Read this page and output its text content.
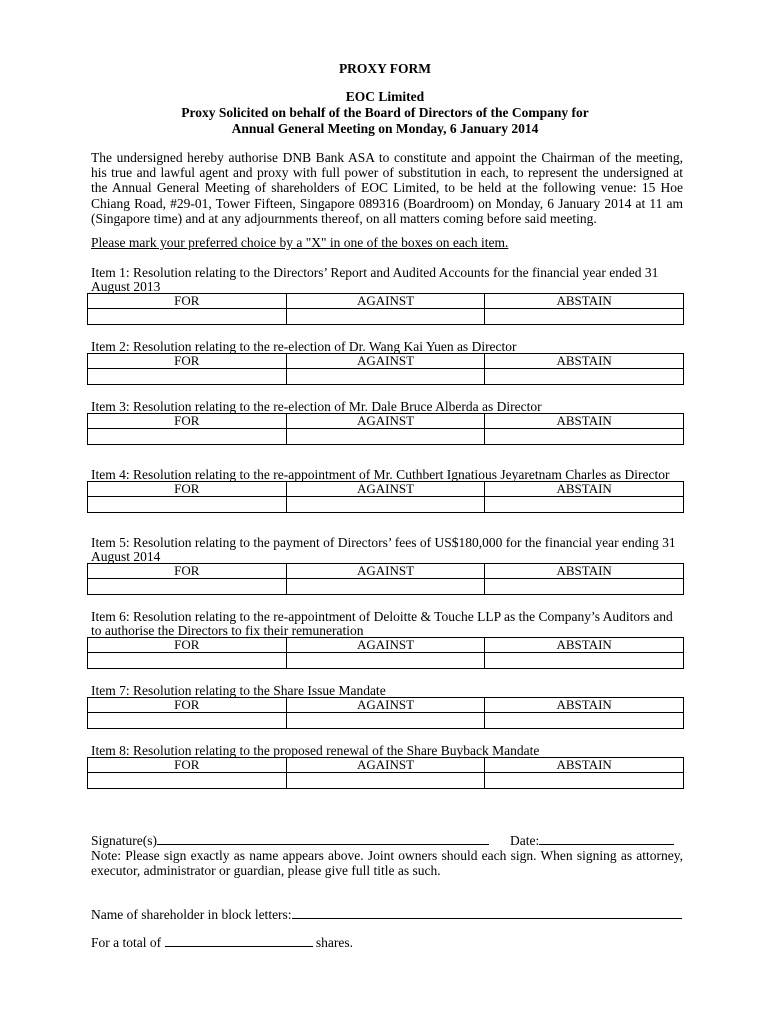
PROXY FORM
EOC Limited
Proxy Solicited on behalf of the Board of Directors of the Company for
Annual General Meeting on Monday, 6 January 2014
The undersigned hereby authorise DNB Bank ASA to constitute and appoint the Chairman of the meeting, his true and lawful agent and proxy with full power of substitution in each, to represent the undersigned at the Annual General Meeting of shareholders of EOC Limited, to be held at the following venue: 15 Hoe Chiang Road, #29-01, Tower Fifteen, Singapore 089316 (Boardroom) on Monday, 6 January 2014 at 11 am (Singapore time) and at any adjournments thereof, on all matters coming before said meeting.
Please mark your preferred choice by a "X" in one of the boxes on each item.
Item 1: Resolution relating to the Directors’ Report and Audited Accounts for the financial year ended 31 August 2013
FOR	AGAINST	ABSTAIN

Item 2: Resolution relating to the re-election of Dr. Wang Kai Yuen as Director
FOR	AGAINST	ABSTAIN

Item 3: Resolution relating to the re-election of Mr. Dale Bruce Alberda as Director
FOR	AGAINST	ABSTAIN

Item 4: Resolution relating to the re-appointment of Mr. Cuthbert Ignatious Jeyaretnam Charles as Director
FOR	AGAINST	ABSTAIN

Item 5: Resolution relating to the payment of Directors’ fees of US$180,000 for the financial year ending 31 August 2014
FOR	AGAINST	ABSTAIN

Item 6: Resolution relating to the re-appointment of Deloitte & Touche LLP as the Company’s Auditors and to authorise the Directors to fix their remuneration
FOR	AGAINST	ABSTAIN

Item 7: Resolution relating to the Share Issue Mandate
FOR	AGAINST	ABSTAIN

Item 8: Resolution relating to the proposed renewal of the Share Buyback Mandate
FOR	AGAINST	ABSTAIN

Signature(s)	Date:
Note: Please sign exactly as name appears above. Joint owners should each sign. When signing as attorney, executor, administrator or guardian, please give full title as such.
Name of shareholder in block letters:
For a total of	shares.
